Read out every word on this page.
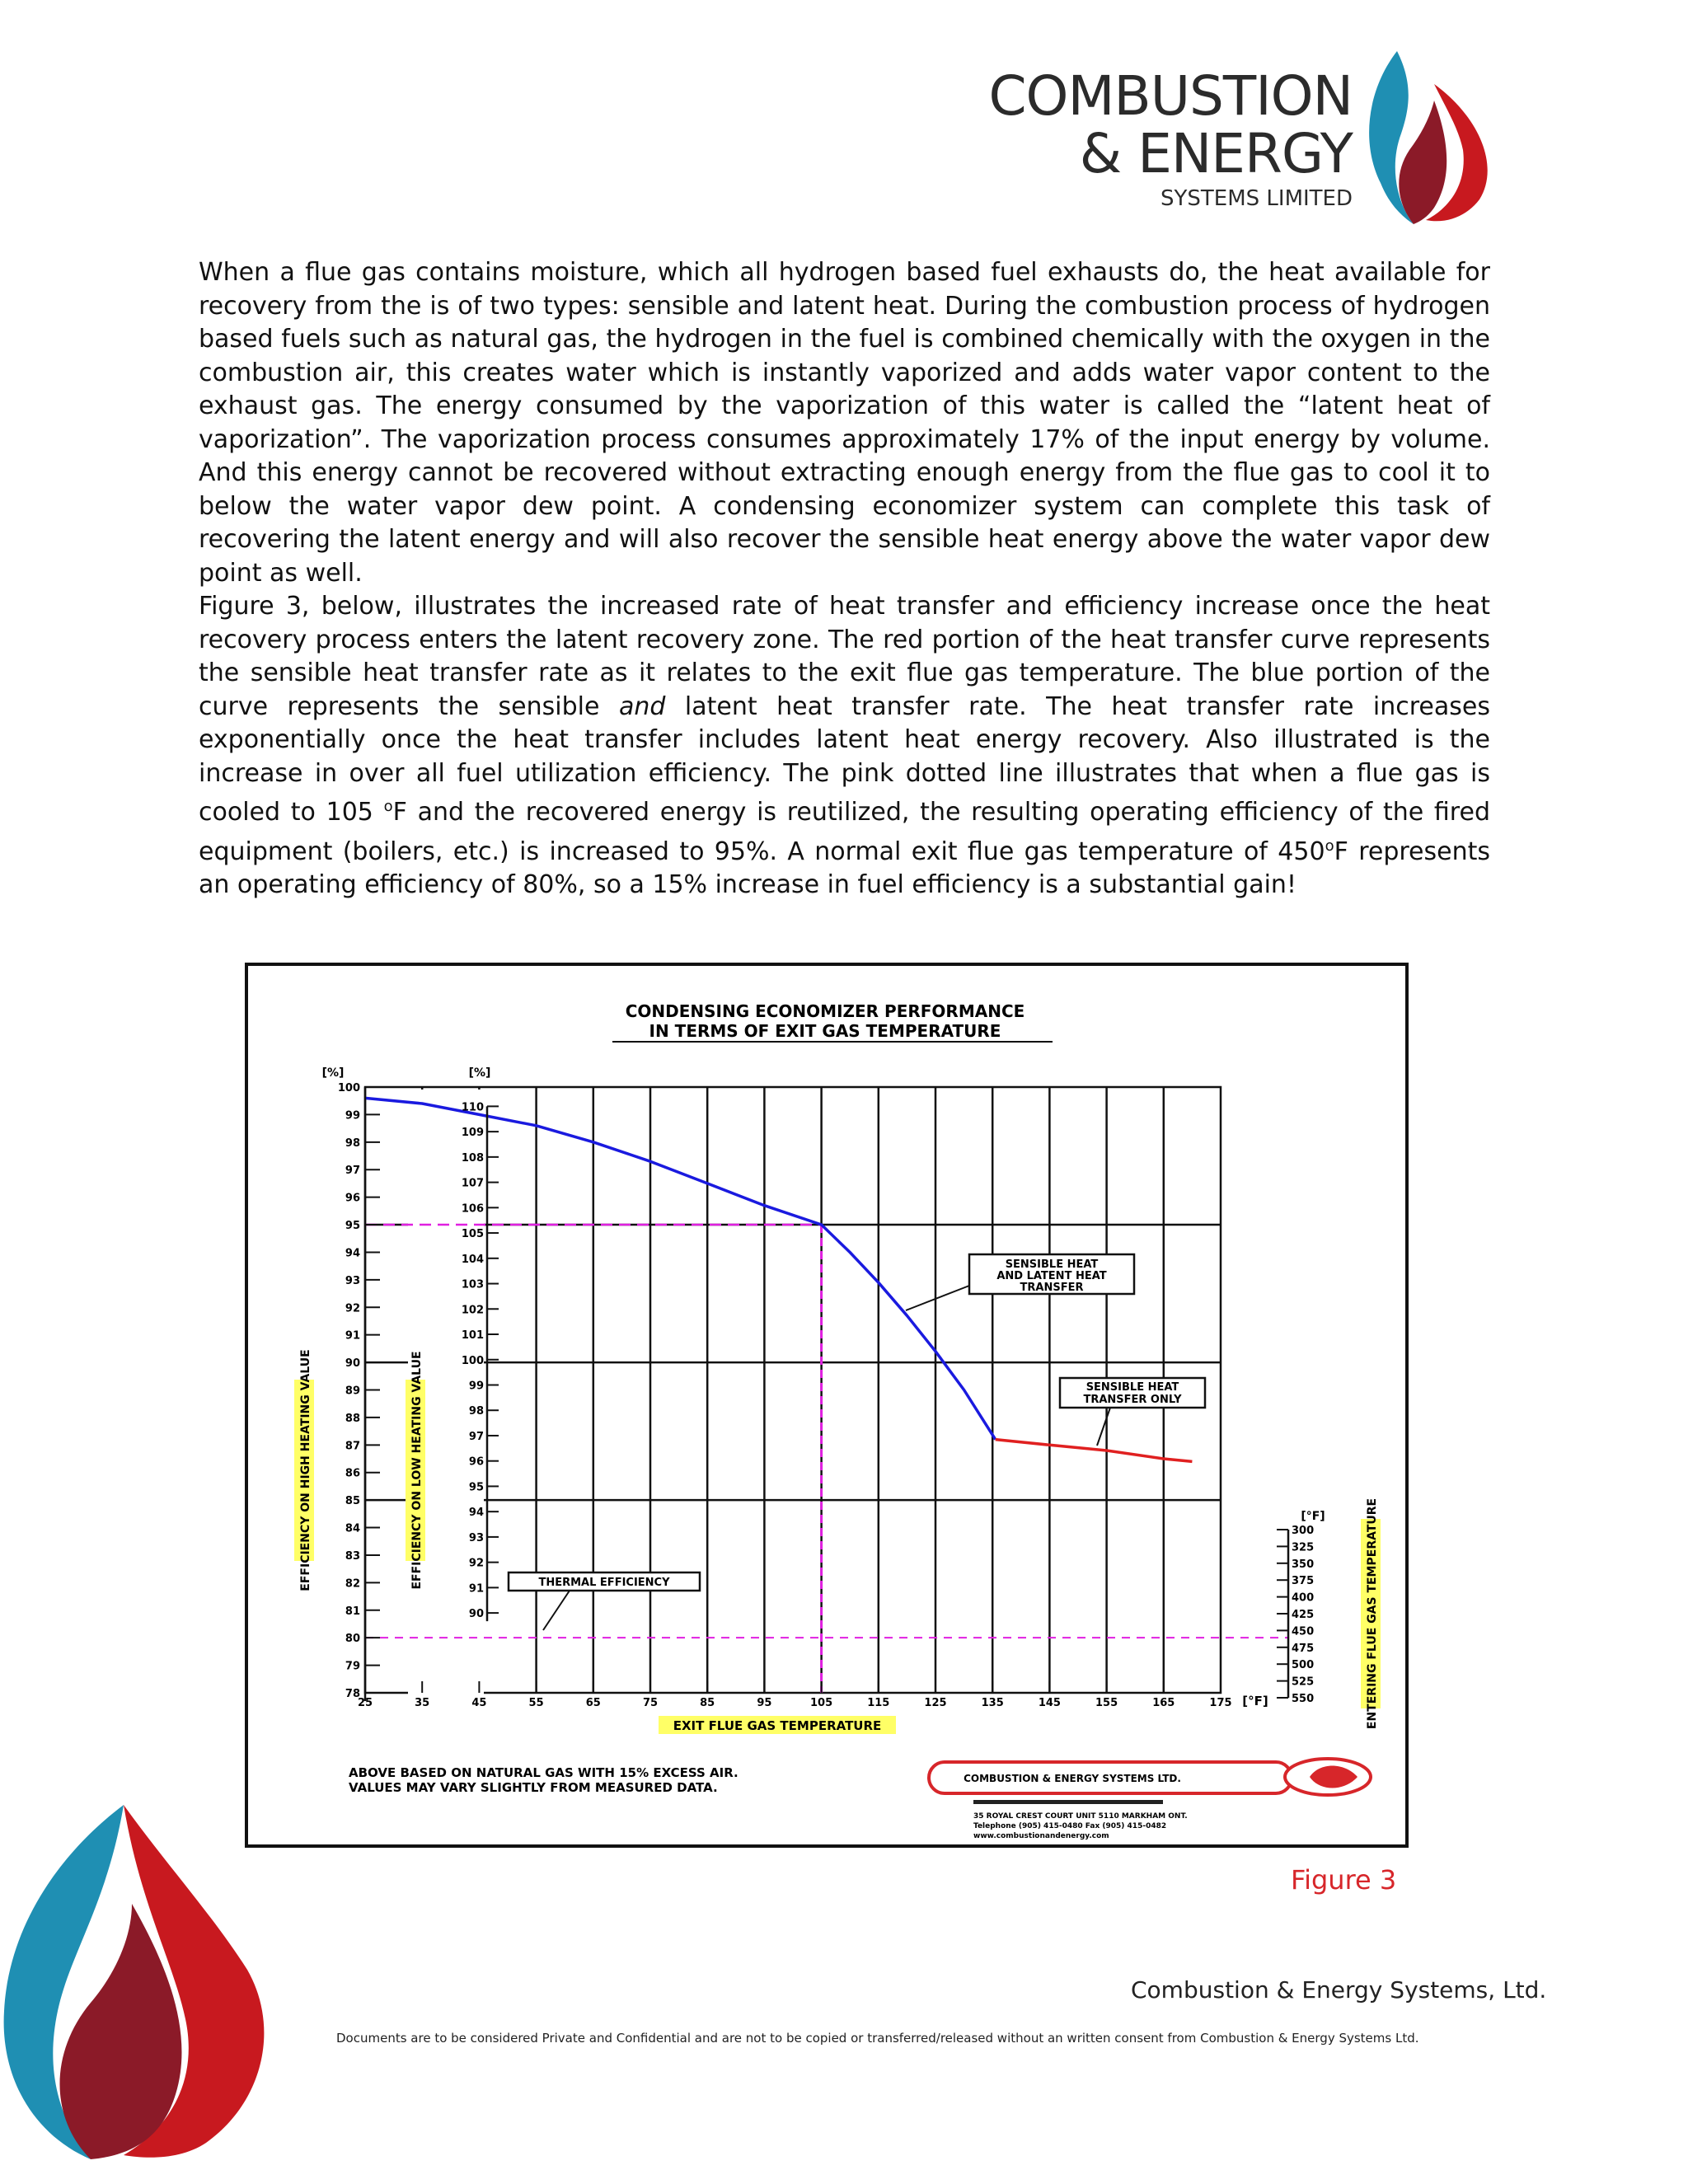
COMBUSTION
& ENERGY
SYSTEMS LIMITED

When a flue gas contains moisture, which all hydrogen based fuel exhausts do, the heat available for recovery from the is of two types: sensible and latent heat. During the combustion process of hydrogen based fuels such as natural gas, the hydrogen in the fuel is combined chemically with the oxygen in the combustion air, this creates water which is instantly vaporized and adds water vapor content to the exhaust gas. The energy consumed by the vaporization of this water is called the “latent heat of vaporization”. The vaporization process consumes approximately 17% of the input energy by volume. And this energy cannot be recovered without extracting enough energy from the flue gas to cool it to below the water vapor dew point. A condensing economizer system can complete this task of recovering the latent energy and will also recover the sensible heat energy above the water vapor dew point as well.

Figure 3, below, illustrates the increased rate of heat transfer and efficiency increase once the heat recovery process enters the latent recovery zone. The red portion of the heat transfer curve represents the sensible heat transfer rate as it relates to the exit flue gas temperature. The blue portion of the curve represents the sensible and latent heat transfer rate. The heat transfer rate increases exponentially once the heat transfer includes latent heat energy recovery. Also illustrated is the increase in over all fuel utilization efficiency. The pink dotted line illustrates that when a flue gas is cooled to 105 $^o$F and the recovered energy is reutilized, the resulting operating efficiency of the fired equipment (boilers, etc.) is increased to 95%. A normal exit flue gas temperature of 450$^o$F represents an operating efficiency of 80%, so a 15% increase in fuel efficiency is a substantial gain!

78
79
80
81
82
83
84
85
86
87
88
89
90
91
92
93
94
95
96
97
98
99
100
90
91
92
93
94
95
96
97
98
99
100
101
102
103
104
105
106
107
108
109
110
25	35	45	55	65	75	85	95	105	115	125	135	145	155	165	175
300
325
350
375
400
425
450
475
500
525
550
CONDENSING ECONOMIZER PERFORMANCE
IN TERMS OF EXIT GAS TEMPERATURE
[%]	[%]
[°F]
EFFICIENCY ON HIGH HEATING VALUE	EFFICIENCY ON LOW HEATING VALUE
ENTERING FLUE GAS TEMPERATURE
EXIT FLUE GAS TEMPERATURE
[°F]
SENSIBLE HEAT
AND LATENT HEAT
TRANSFER
SENSIBLE HEAT
TRANSFER ONLY
THERMAL EFFICIENCY
ABOVE BASED ON NATURAL GAS WITH 15% EXCESS AIR.
VALUES MAY VARY SLIGHTLY FROM MEASURED DATA.
COMBUSTION & ENERGY SYSTEMS LTD.
35 ROYAL CREST COURT UNIT 5110 MARKHAM ONT.
Telephone (905) 415-0480 Fax (905) 415-0482
www.combustionandenergy.com
Figure 3
Combustion & Energy Systems, Ltd.
Documents are to be considered Private and Confidential and are not to be copied or transferred/released without an written consent from Combustion & Energy Systems Ltd.
